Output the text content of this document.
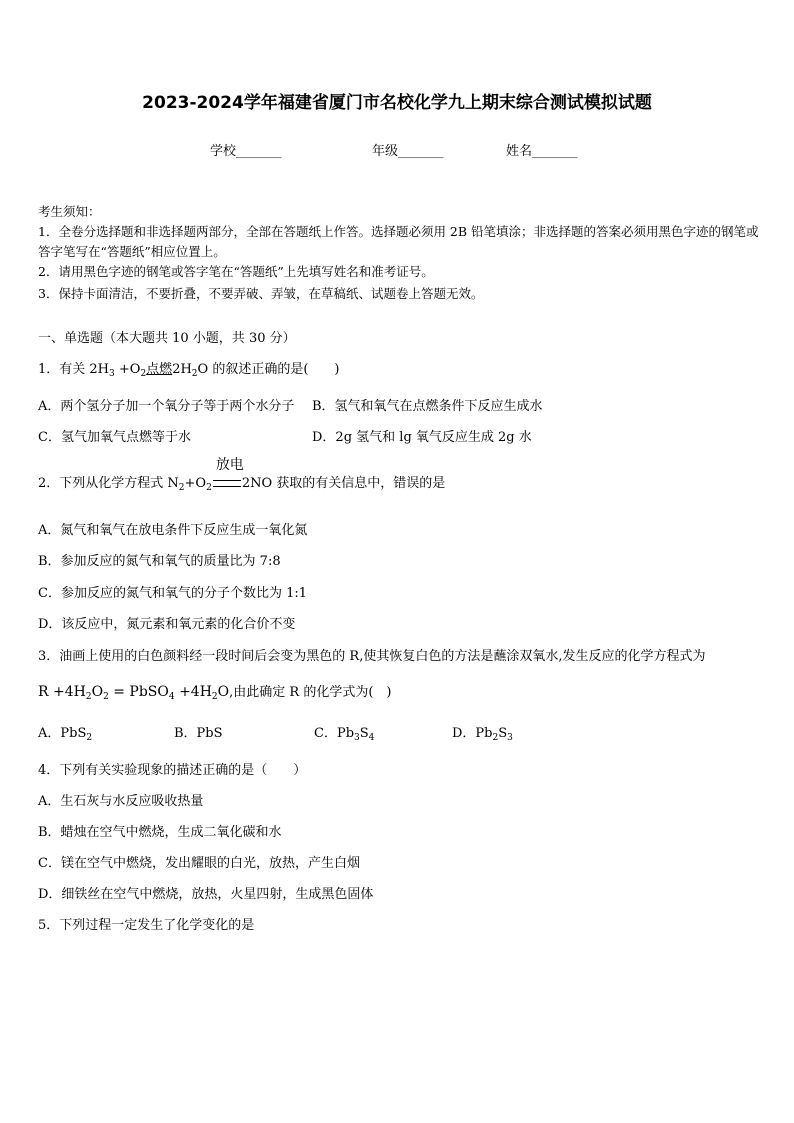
2023-2024学年福建省厦门市名校化学九上期末综合测试模拟试题
学校_______	年级_______	姓名_______
考生须知：
1．全卷分选择题和非选择题两部分，全部在答题纸上作答。选择题必须用 2B 铅笔填涂；非选择题的答案必须用黑色字迹的钢笔或答字笔写在“答题纸”相应位置上。
2．请用黑色字迹的钢笔或答字笔在“答题纸”上先填写姓名和准考证号。
3．保持卡面清洁，不要折叠，不要弄破、弄皱，在草稿纸、试题卷上答题无效。
一、单选题（本大题共 10 小题，共 30 分）
1．有关 $2H_3 +O_2$点燃$2H_2O$ 的叙述正确的是(　　)
A．两个氢分子加一个氧分子等于两个水分子 B．氢气和氧气在点燃条件下反应生成水
C．氢气加氧气点燃等于水	D．2g 氢气和 lg 氧气反应生成 2g 水
2．下列从化学方程式 $N_2+O_2$
放电
2NO 获取的有关信息中，错误的是
A．氮气和氧气在放电条件下反应生成一氧化氮
B．参加反应的氮气和氧气的质量比为 7:8
C．参加反应的氮气和氧气的分子个数比为 1:1
D．该反应中，氮元素和氧元素的化合价不变
3．油画上使用的白色颜料经一段时间后会变为黑色的 R,使其恢复白色的方法是蘸涂双氧水,发生反应的化学方程式为
$R +4H_2O_2$ = PbSO$_4$ $+4H_2O$,由此确定 R 的化学式为(　)
A．PbS$_2$	B．PbS	C．$Pb_3S_4$	D．$Pb_2S_3$
4．下列有关实验现象的描述正确的是（　　）
A．生石灰与水反应吸收热量
B．蜡烛在空气中燃烧，生成二氧化碳和水
C．镁在空气中燃烧，发出耀眼的白光，放热，产生白烟
D．细铁丝在空气中燃烧，放热，火星四射，生成黑色固体
5．下列过程一定发生了化学变化的是
